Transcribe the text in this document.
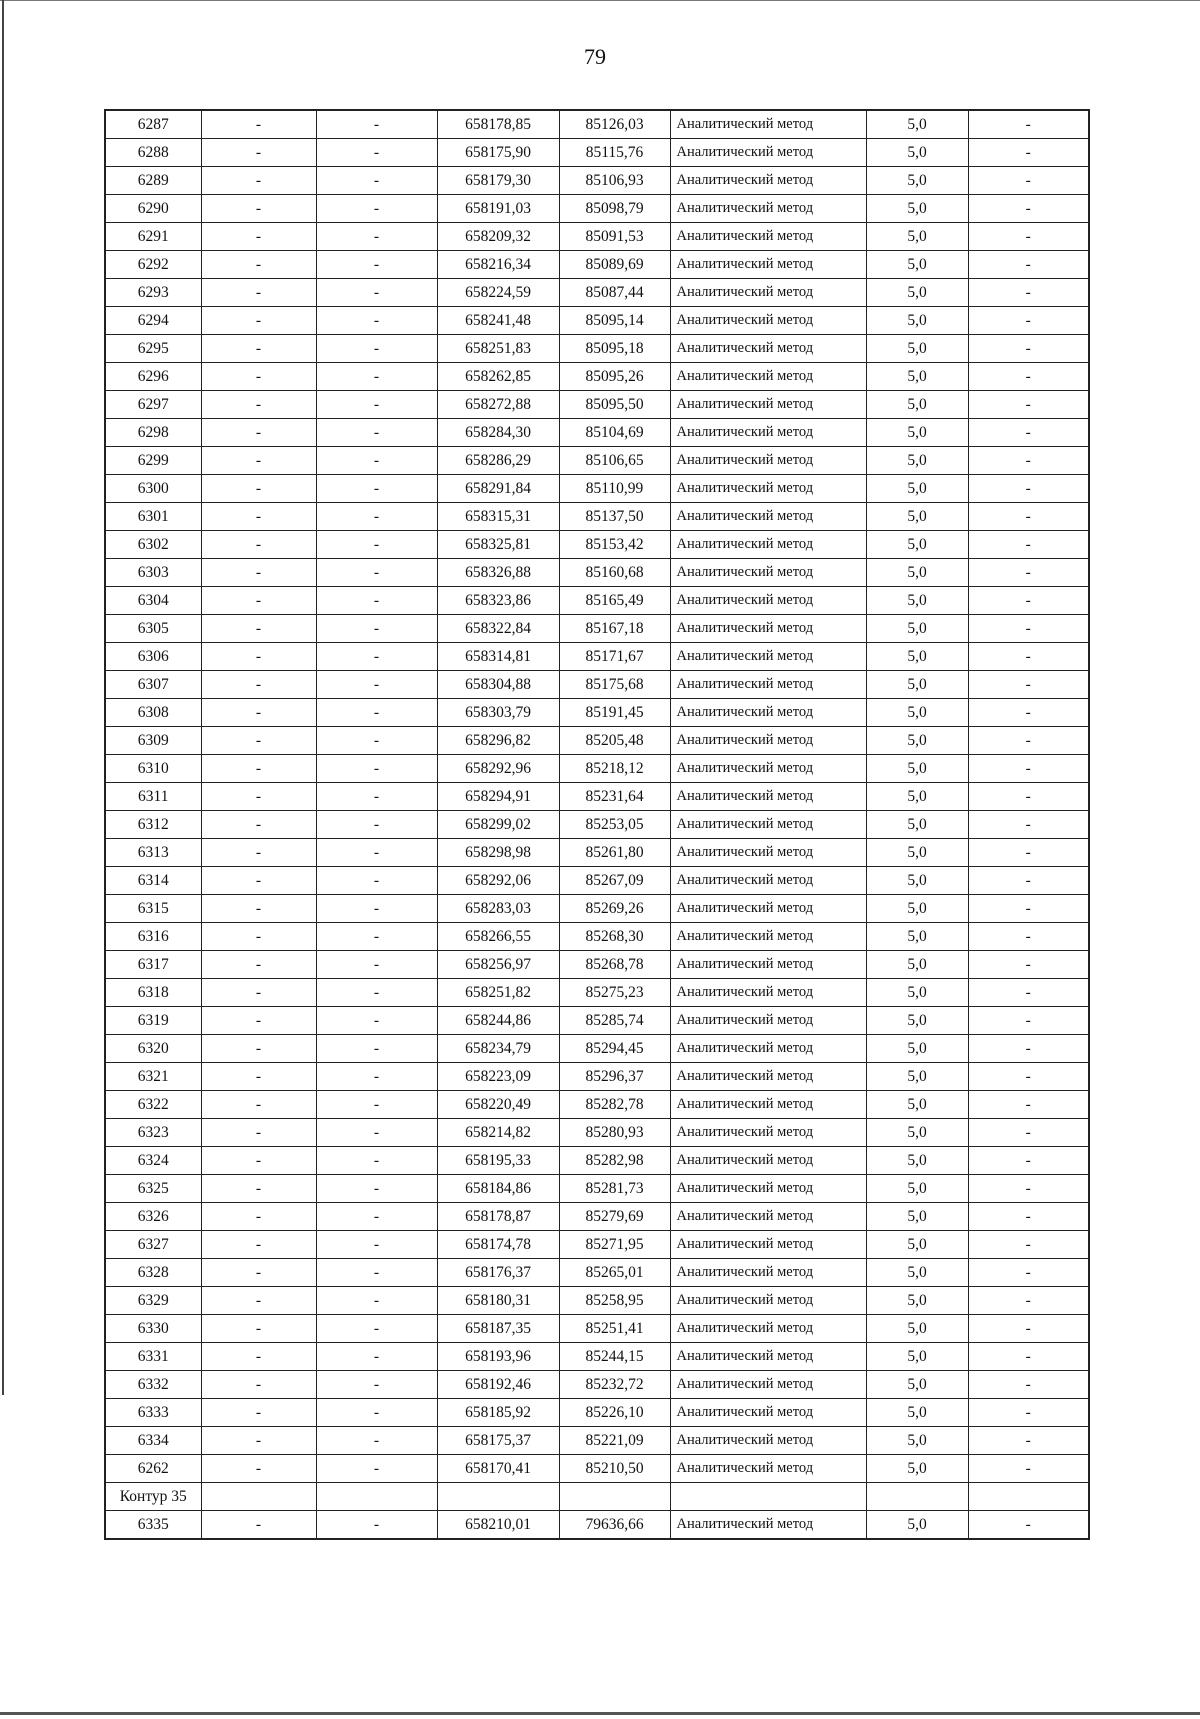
79
6287	-	-	658178,85	85126,03	Аналитический метод	5,0	-
6288	-	-	658175,90	85115,76	Аналитический метод	5,0	-
6289	-	-	658179,30	85106,93	Аналитический метод	5,0	-
6290	-	-	658191,03	85098,79	Аналитический метод	5,0	-
6291	-	-	658209,32	85091,53	Аналитический метод	5,0	-
6292	-	-	658216,34	85089,69	Аналитический метод	5,0	-
6293	-	-	658224,59	85087,44	Аналитический метод	5,0	-
6294	-	-	658241,48	85095,14	Аналитический метод	5,0	-
6295	-	-	658251,83	85095,18	Аналитический метод	5,0	-
6296	-	-	658262,85	85095,26	Аналитический метод	5,0	-
6297	-	-	658272,88	85095,50	Аналитический метод	5,0	-
6298	-	-	658284,30	85104,69	Аналитический метод	5,0	-
6299	-	-	658286,29	85106,65	Аналитический метод	5,0	-
6300	-	-	658291,84	85110,99	Аналитический метод	5,0	-
6301	-	-	658315,31	85137,50	Аналитический метод	5,0	-
6302	-	-	658325,81	85153,42	Аналитический метод	5,0	-
6303	-	-	658326,88	85160,68	Аналитический метод	5,0	-
6304	-	-	658323,86	85165,49	Аналитический метод	5,0	-
6305	-	-	658322,84	85167,18	Аналитический метод	5,0	-
6306	-	-	658314,81	85171,67	Аналитический метод	5,0	-
6307	-	-	658304,88	85175,68	Аналитический метод	5,0	-
6308	-	-	658303,79	85191,45	Аналитический метод	5,0	-
6309	-	-	658296,82	85205,48	Аналитический метод	5,0	-
6310	-	-	658292,96	85218,12	Аналитический метод	5,0	-
6311	-	-	658294,91	85231,64	Аналитический метод	5,0	-
6312	-	-	658299,02	85253,05	Аналитический метод	5,0	-
6313	-	-	658298,98	85261,80	Аналитический метод	5,0	-
6314	-	-	658292,06	85267,09	Аналитический метод	5,0	-
6315	-	-	658283,03	85269,26	Аналитический метод	5,0	-
6316	-	-	658266,55	85268,30	Аналитический метод	5,0	-
6317	-	-	658256,97	85268,78	Аналитический метод	5,0	-
6318	-	-	658251,82	85275,23	Аналитический метод	5,0	-
6319	-	-	658244,86	85285,74	Аналитический метод	5,0	-
6320	-	-	658234,79	85294,45	Аналитический метод	5,0	-
6321	-	-	658223,09	85296,37	Аналитический метод	5,0	-
6322	-	-	658220,49	85282,78	Аналитический метод	5,0	-
6323	-	-	658214,82	85280,93	Аналитический метод	5,0	-
6324	-	-	658195,33	85282,98	Аналитический метод	5,0	-
6325	-	-	658184,86	85281,73	Аналитический метод	5,0	-
6326	-	-	658178,87	85279,69	Аналитический метод	5,0	-
6327	-	-	658174,78	85271,95	Аналитический метод	5,0	-
6328	-	-	658176,37	85265,01	Аналитический метод	5,0	-
6329	-	-	658180,31	85258,95	Аналитический метод	5,0	-
6330	-	-	658187,35	85251,41	Аналитический метод	5,0	-
6331	-	-	658193,96	85244,15	Аналитический метод	5,0	-
6332	-	-	658192,46	85232,72	Аналитический метод	5,0	-
6333	-	-	658185,92	85226,10	Аналитический метод	5,0	-
6334	-	-	658175,37	85221,09	Аналитический метод	5,0	-
6262	-	-	658170,41	85210,50	Аналитический метод	5,0	-
Контур 35							
6335	-	-	658210,01	79636,66	Аналитический метод	5,0	-
